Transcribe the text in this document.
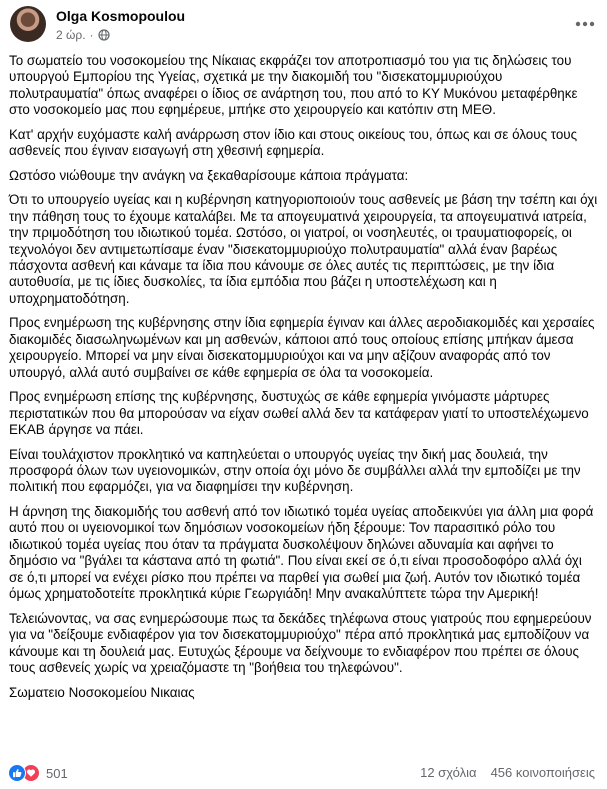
Olga Kosmopoulou
2 ώρ. ·

Το σωματείο του νοσοκομείου της Νίκαιας εκφράζει τον αποτροπιασμό του για τις δηλώσεις του υπουργού Εμπορίου της Υγείας, σχετικά με την διακομιδή του "δισεκατομμυριούχου πολυτραυματία" όπως αναφέρει ο ίδιος σε ανάρτηση του, που από το ΚΥ Μυκόνου μεταφέρθηκε στο νοσοκομείο μας που εφημέρευε, μπήκε στο χειρουργείο και κατόπιν στη ΜΕΘ.

Κατ' αρχήν ευχόμαστε καλή ανάρρωση στον ίδιο και στους οικείους του, όπως και σε όλους τους ασθενείς που έγιναν εισαγωγή στη χθεσινή εφημερία.

Ωστόσο νιώθουμε την ανάγκη να ξεκαθαρίσουμε κάποια πράγματα:

Ότι το υπουργείο υγείας και η κυβέρνηση κατηγοριοποιούν τους ασθενείς με βάση την τσέπη και όχι την πάθηση τους το έχουμε καταλάβει. Με τα απογευματινά χειρουργεία, τα απογευματινά ιατρεία, την πριμοδότηση του ιδιωτικού τομέα. Ωστόσο, οι γιατροί, οι νοσηλευτές, οι τραυματιοφορείς, οι τεχνολόγοι δεν αντιμετωπίσαμε έναν "δισεκατομμυριούχο πολυτραυματία" αλλά έναν βαρέως πάσχοντα ασθενή και κάναμε τα ίδια που κάνουμε σε όλες αυτές τις περιπτώσεις, με την ίδια αυτοθυσία, με τις ίδιες δυσκολίες, τα ίδια εμπόδια που βάζει η υποστελέχωση και η υποχρηματοδότηση.

Προς ενημέρωση της κυβέρνησης στην ίδια εφημερία έγιναν και άλλες αεροδιακομιδές και χερσαίες διακομιδές διασωληνωμένων και μη ασθενών, κάποιοι από τους οποίους επίσης μπήκαν άμεσα χειρουργείο. Μπορεί να μην είναι δισεκατομμυριούχοι και να μην αξίζουν αναφοράς από τον υπουργό, αλλά αυτό συμβαίνει σε κάθε εφημερία σε όλα τα νοσοκομεία.

Προς ενημέρωση επίσης της κυβέρνησης, δυστυχώς σε κάθε εφημερία γινόμαστε μάρτυρες περιστατικών που θα μπορούσαν να είχαν σωθεί αλλά δεν τα κατάφεραν γιατί το υποστελέχωμενο ΕΚΑΒ άργησε να πάει.

Είναι τουλάχιστον προκλητικό να καπηλεύεται ο υπουργός υγείας την δική μας δουλειά, την προσφορά όλων των υγειονομικών, στην οποία όχι μόνο δε συμβάλλει αλλά την εμποδίζει με την πολιτική που εφαρμόζει, για να διαφημίσει την κυβέρνηση.

Η άρνηση της διακομιδής του ασθενή από τον ιδιωτικό τομέα υγείας αποδεικνύει για άλλη μια φορά αυτό που οι υγειονομικοί των δημόσιων νοσοκομείων ήδη ξέρουμε: Τον παρασιτικό ρόλο του ιδιωτικού τομέα υγείας που όταν τα πράγματα δυσκολέψουν δηλώνει αδυναμία και αφήνει το δημόσιο να "βγάλει τα κάστανα από τη φωτιά". Που είναι εκεί σε ό,τι είναι προσοδοφόρο αλλά όχι σε ό,τι μπορεί να ενέχει ρίσκο που πρέπει να παρθεί για σωθεί μια ζωή. Αυτόν τον ιδιωτικό τομέα όμως χρηματοδοτείτε προκλητικά κύριε Γεωργιάδη! Μην ανακαλύπτετε τώρα την Αμερική!

Τελειώνοντας, να σας ενημερώσουμε πως τα δεκάδες τηλέφωνα στους γιατρούς που εφημερεύουν για να "δείξουμε ενδιαφέρον για τον δισεκατομμυριούχο" πέρα από προκλητικά μας εμποδίζουν να κάνουμε και τη δουλειά μας. Ευτυχώς ξέρουμε να δείχνουμε το ενδιαφέρον που πρέπει σε όλους τους ασθενείς χωρίς να χρειαζόμαστε τη "βοήθεια του τηλεφώνου".

Σωματειο Νοσοκομείου Νικαιας

501	12 σχόλια 456 κοινοποιήσεις
